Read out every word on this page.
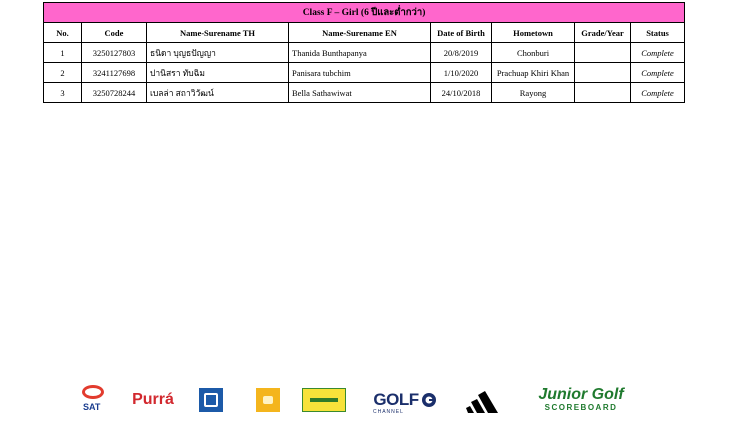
Class F – Girl (6 ปีและต่ำกว่า)							
No.	Code	Name-Surename TH	Name-Surename EN	Date of Birth	Hometown	Grade/Year	Status
1	3250127803	ธนิดา บุญธปัญญา	Thanida Bunthapanya	20/8/2019	Chonburi		Complete
2	3241127698	ปานิสรา ทับฉิม	Panisara tubchim	1/10/2020	Prachuap Khiri Khan		Complete
3	3250728244	เบลล่า สถาวิวัฒน์	Bella Sathawiwat	24/10/2018	Rayong		Complete
SAT Purrá	GOLF
CHANNEL
Junior Golf
SCOREBOARD
